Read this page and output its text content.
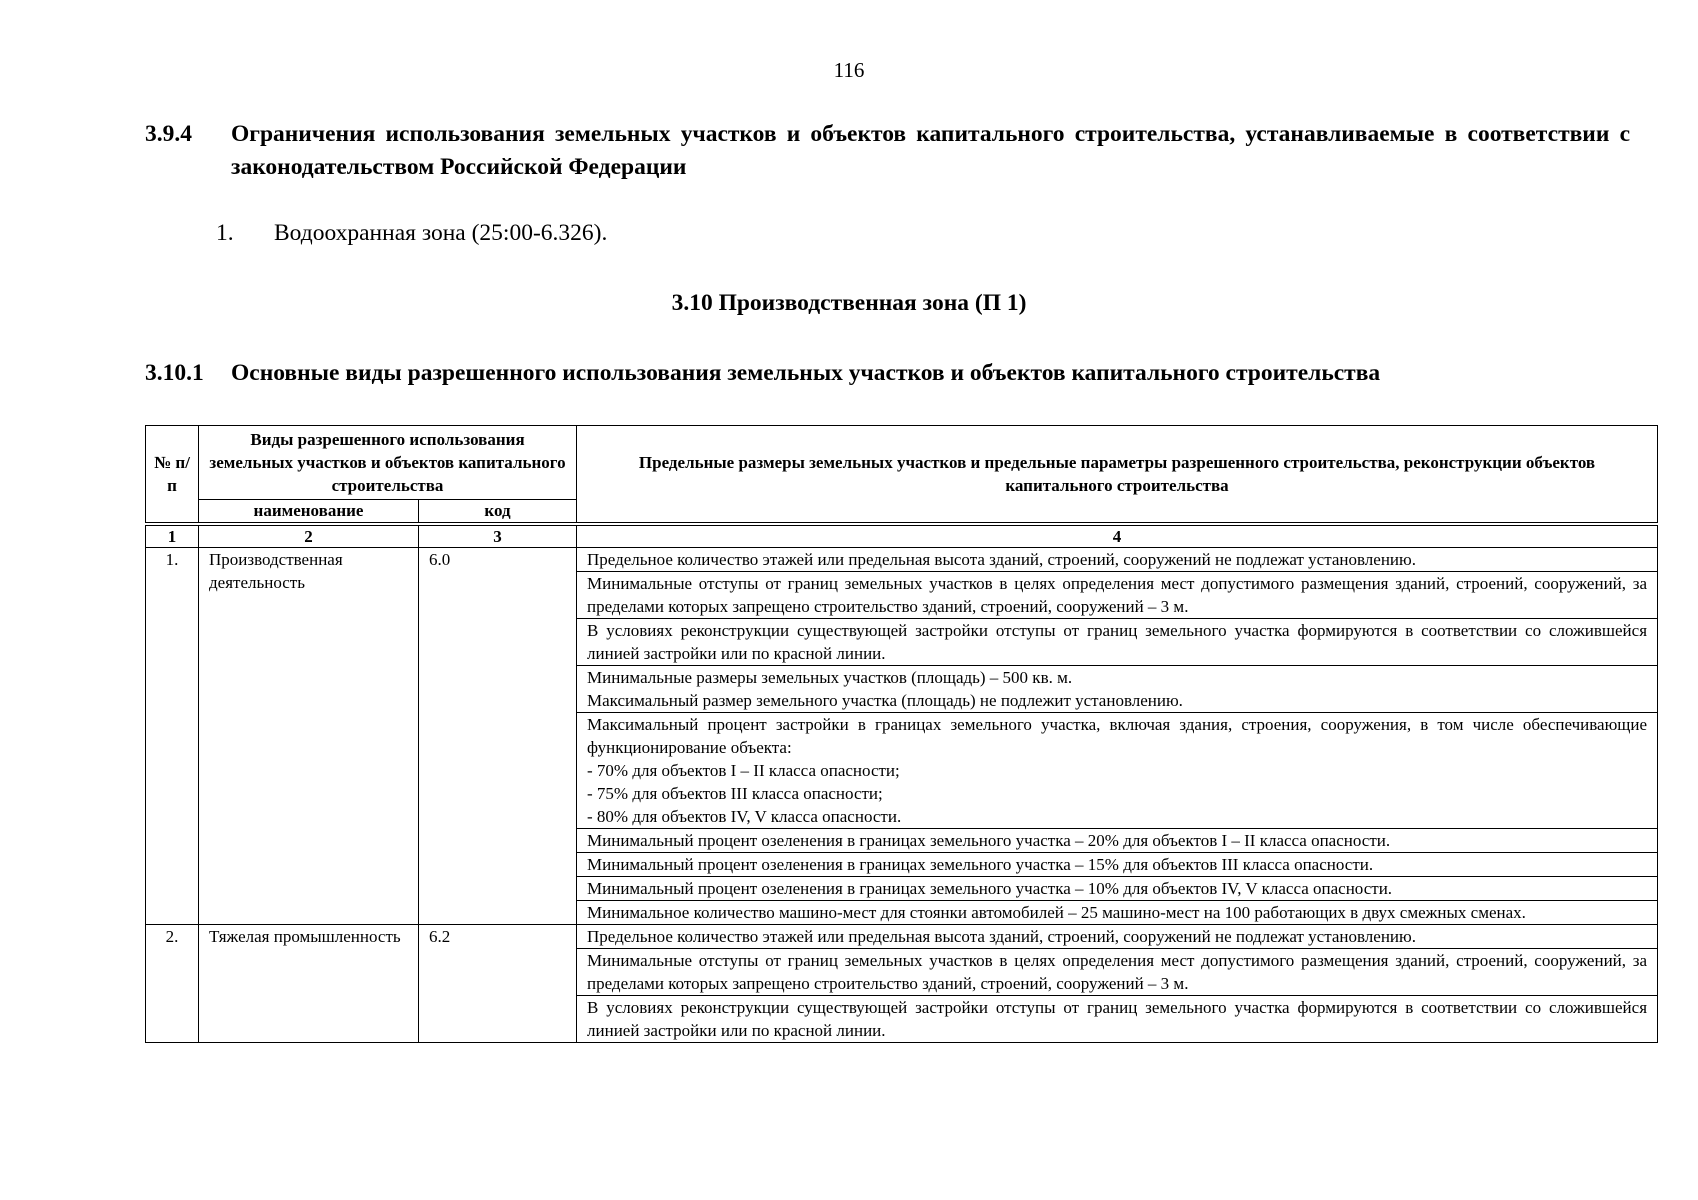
116
3.9.4	Ограничения использования земельных участков и объектов капитального строительства, устанавливаемые в соответствии с законодательством Российской Федерации
1. Водоохранная зона (25:00-6.326).
3.10 Производственная зона (П 1)
3.10.1	Основные виды разрешенного использования земельных участков и объектов капитального строительства
№ п/п	Виды разрешенного использования земельных участков и объектов капитального строительства		Предельные размеры земельных участков и предельные параметры разрешенного строительства, реконструкции объектов капитального строительства
	наименование	код	

1	2	3	4
1.	Производственная деятельность	6.0	Предельное количество этажей или предельная высота зданий, строений, сооружений не подлежат установлению.

			Минимальные отступы от границ земельных участков в целях определения мест допустимого размещения зданий, строений, сооружений, за пределами которых запрещено строительство зданий, строений, сооружений – 3 м.

			В условиях реконструкции существующей застройки отступы от границ земельного участка формируются в соответствии со сложившейся линией застройки или по красной линии.

			Минимальные размеры земельных участков (площадь) – 500 кв. м.
Максимальный размер земельного участка (площадь) не подлежит установлению.

			Максимальный процент застройки в границах земельного участка, включая здания, строения, сооружения, в том числе обеспечивающие функционирование объекта:
- 70% для объектов I – II класса опасности;
- 75% для объектов III класса опасности;
- 80% для объектов IV, V класса опасности.

			Минимальный процент озеленения в границах земельного участка – 20% для объектов I – II класса опасности.

			Минимальный процент озеленения в границах земельного участка – 15% для объектов III класса опасности.

			Минимальный процент озеленения в границах земельного участка – 10% для объектов IV, V класса опасности.

			Минимальное количество машино-мест для стоянки автомобилей – 25 машино-мест на 100 работающих в двух смежных сменах.

2.	Тяжелая промышленность	6.2	Предельное количество этажей или предельная высота зданий, строений, сооружений не подлежат установлению.

			Минимальные отступы от границ земельных участков в целях определения мест допустимого размещения зданий, строений, сооружений, за пределами которых запрещено строительство зданий, строений, сооружений – 3 м.

			В условиях реконструкции существующей застройки отступы от границ земельного участка формируются в соответствии со сложившейся линией застройки или по красной линии.
